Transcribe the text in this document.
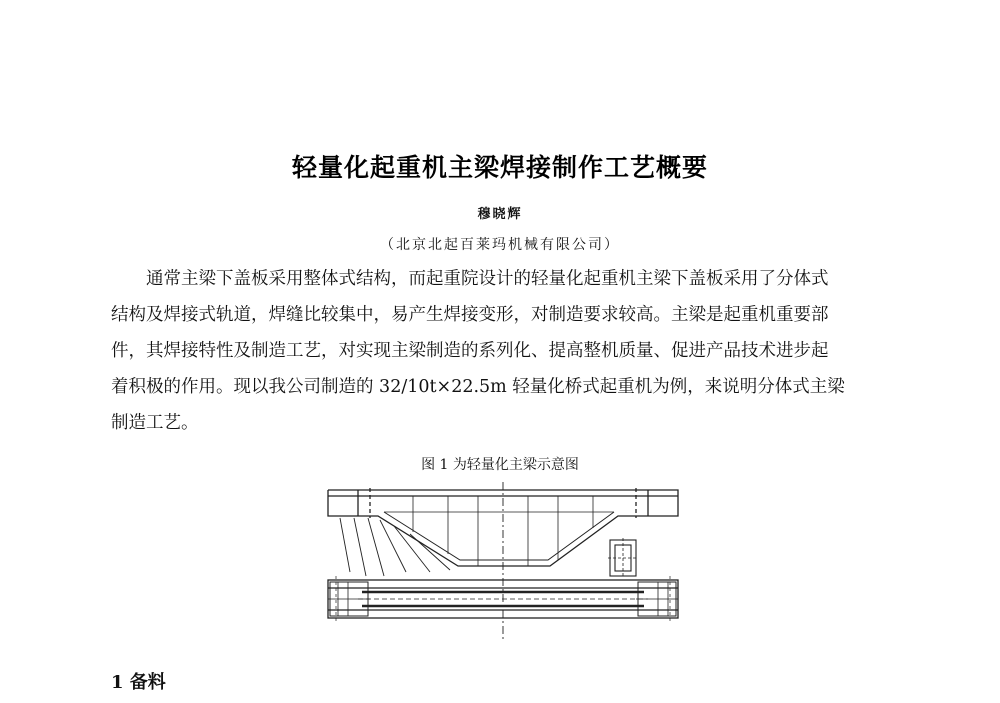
轻量化起重机主梁焊接制作工艺概要
穆晓辉
（北京北起百莱玛机械有限公司）
　　通常主梁下盖板采用整体式结构，而起重院设计的轻量化起重机主梁下盖板采用了分体式
结构及焊接式轨道，焊缝比较集中，易产生焊接变形，对制造要求较高。主梁是起重机重要部
件，其焊接特性及制造工艺，对实现主梁制造的系列化、提高整机质量、促进产品技术进步起
着积极的作用。现以我公司制造的 32/10t×22.5m 轻量化桥式起重机为例，来说明分体式主梁
制造工艺。
图 1 为轻量化主梁示意图
1 备料
